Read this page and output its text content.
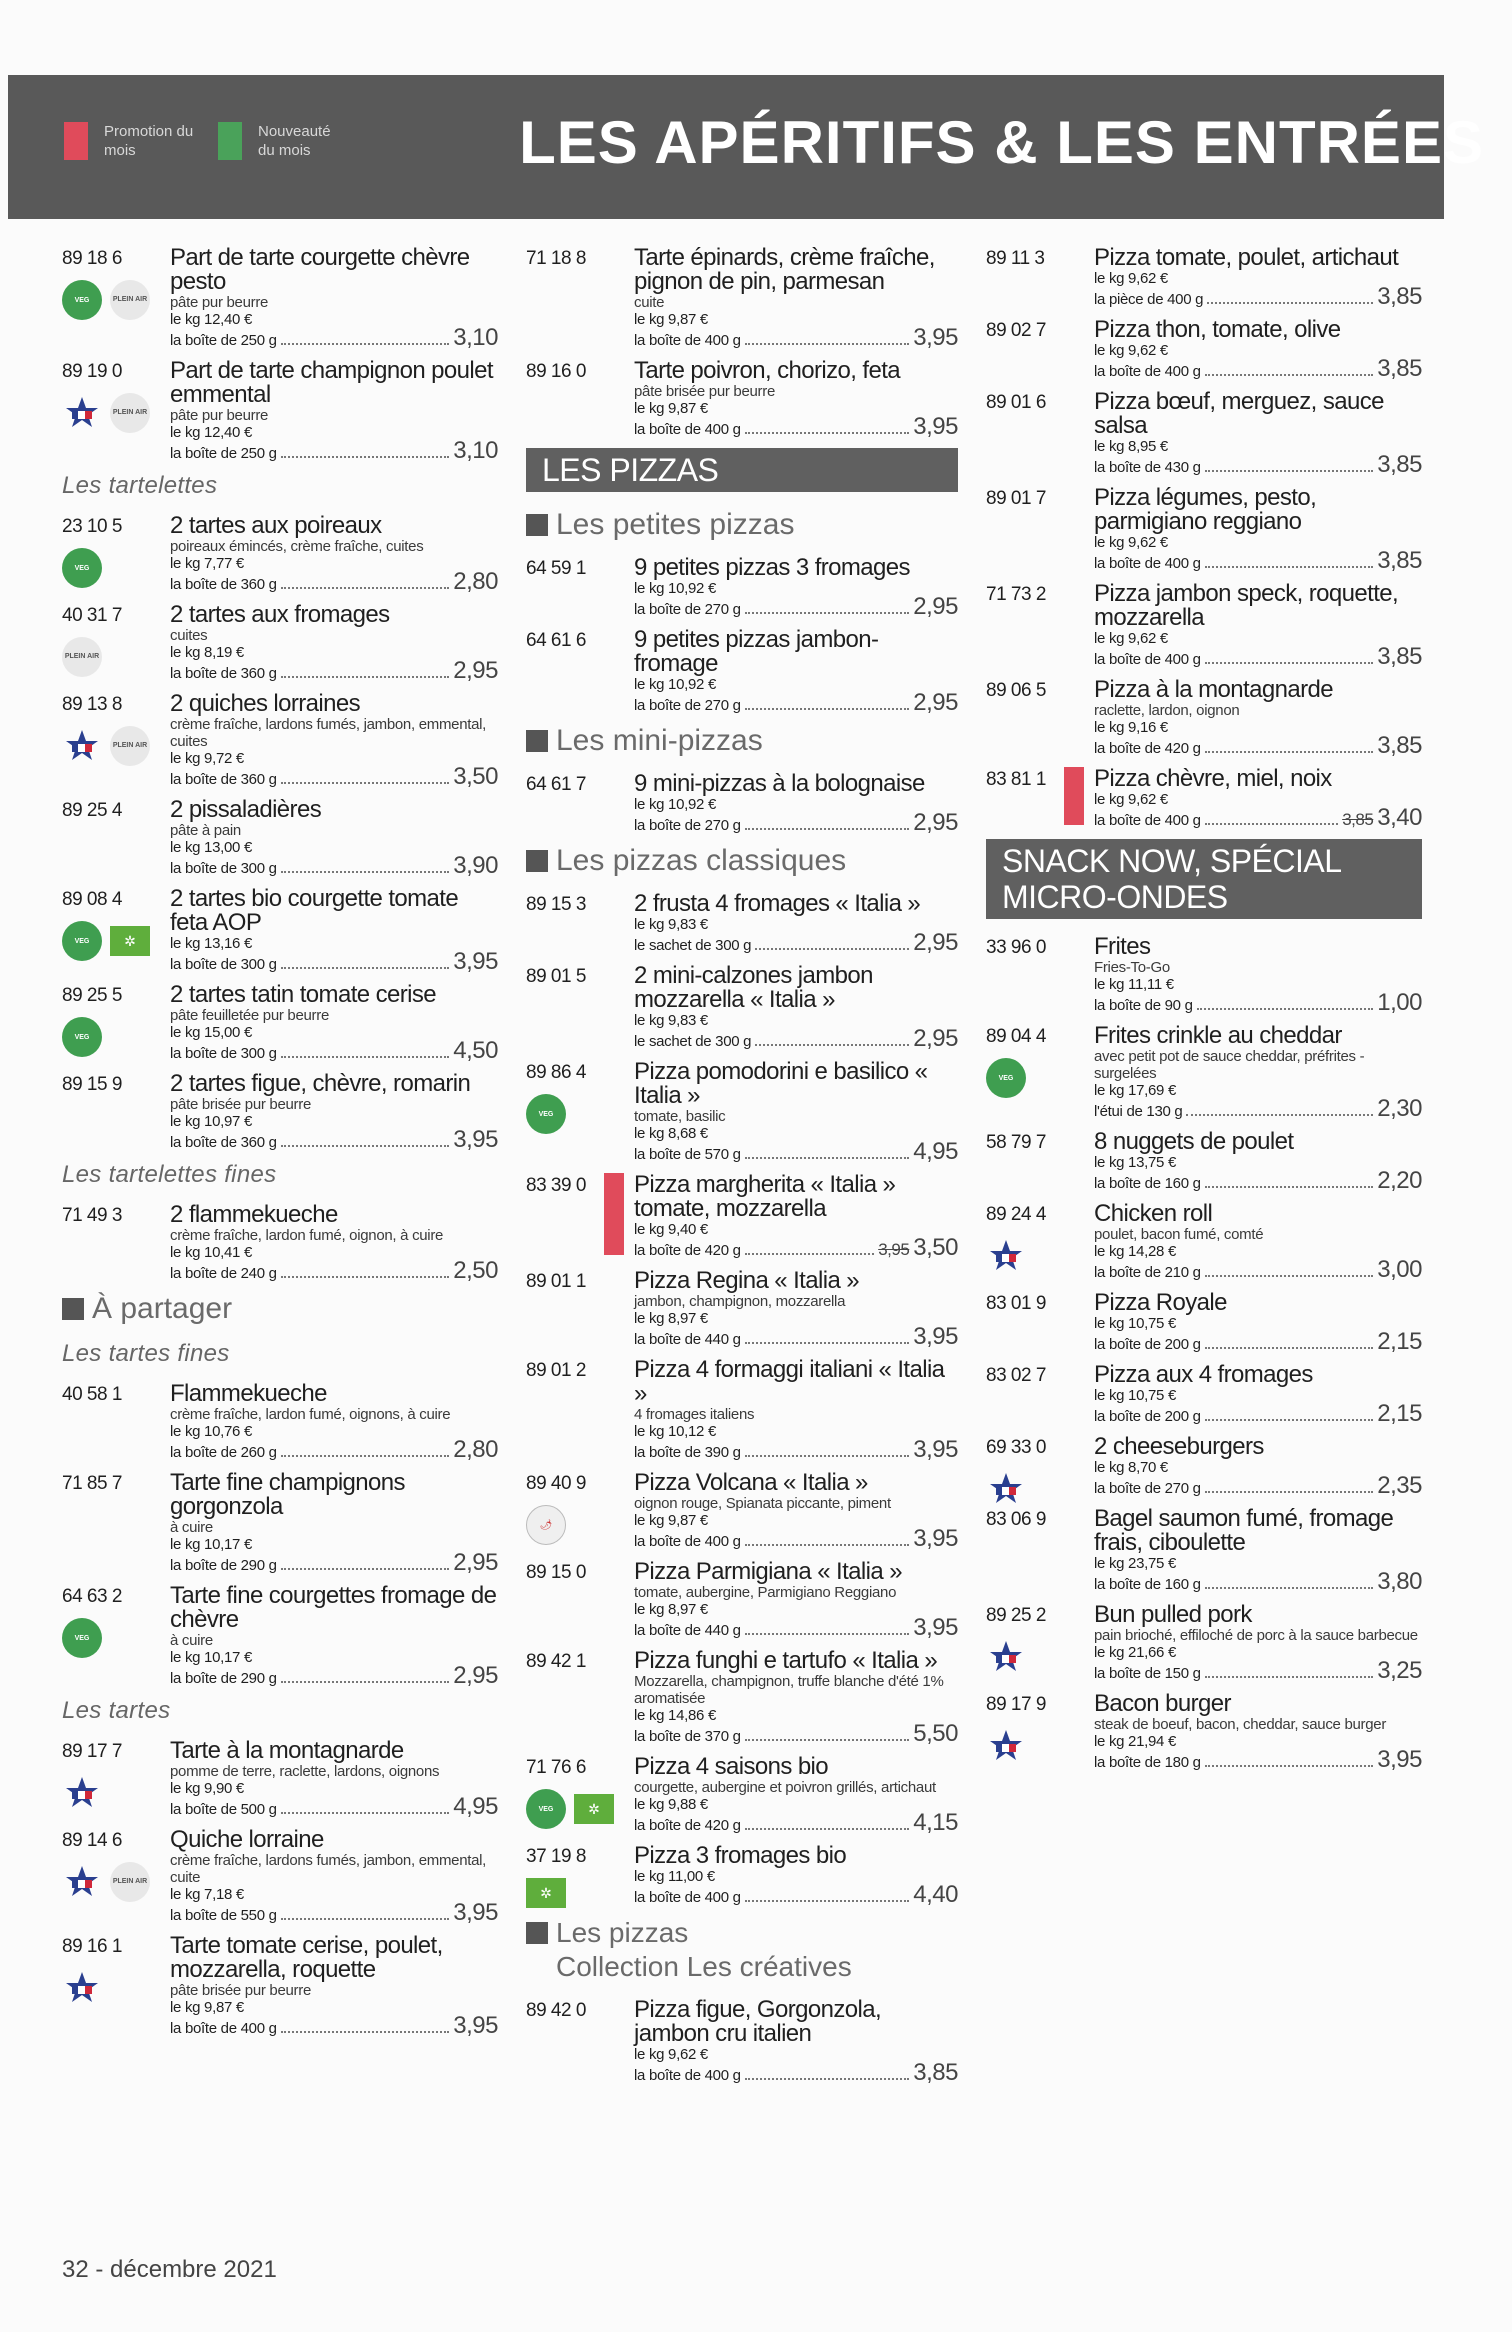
Promotion du mois
Nouveauté du mois	LES APÉRITIFS & LES ENTRÉES
89 18 6 Part de tarte courgette chèvre pesto
pâte pur beurre
le kg 12,40 €
la boîte de 250 g	3,10
VEG	PLEIN AIR
89 19 0 Part de tarte champignon poulet emmental
pâte pur beurre
le kg 12,40 €
la boîte de 250 g	3,10
PLEIN AIR
Les tartelettes
23 10 5 2 tartes aux poireaux
poireaux émincés, crème fraîche, cuites
le kg 7,77 €
la boîte de 360 g	2,80
VEG
40 31 7 2 tartes aux fromages
cuites
le kg 8,19 €
la boîte de 360 g	2,95
PLEIN AIR
89 13 8 2 quiches lorraines
crème fraîche, lardons fumés, jambon, emmental, cuites
le kg 9,72 €
la boîte de 360 g	3,50
PLEIN AIR
89 25 4 2 pissaladières
pâte à pain
le kg 13,00 €
la boîte de 300 g	3,90
89 08 4 2 tartes bio courgette tomate feta AOP
le kg 13,16 €
la boîte de 300 g	3,95
VEG	✲
89 25 5 2 tartes tatin tomate cerise
pâte feuilletée pur beurre
le kg 15,00 €
la boîte de 300 g	4,50
VEG
89 15 9 2 tartes figue, chèvre, romarin
pâte brisée pur beurre
le kg 10,97 €
la boîte de 360 g	3,95
Les tartelettes fines
71 49 3 2 flammekueche
crème fraîche, lardon fumé, oignon, à cuire
le kg 10,41 €
la boîte de 240 g	2,50
À partager
Les tartes fines
40 58 1 Flammekueche
crème fraîche, lardon fumé, oignons, à cuire
le kg 10,76 €
la boîte de 260 g	2,80
71 85 7 Tarte fine champignons gorgonzola
à cuire
le kg 10,17 €
la boîte de 290 g	2,95
64 63 2 Tarte fine courgettes fromage de chèvre
à cuire
le kg 10,17 €
la boîte de 290 g	2,95
VEG
Les tartes
89 17 7 Tarte à la montagnarde
pomme de terre, raclette, lardons, oignons
le kg 9,90 €
la boîte de 500 g	4,95
89 14 6 Quiche lorraine
crème fraîche, lardons fumés, jambon, emmental, cuite
le kg 7,18 €
la boîte de 550 g	3,95
PLEIN AIR
89 16 1 Tarte tomate cerise, poulet, mozzarella, roquette
pâte brisée pur beurre
le kg 9,87 €
la boîte de 400 g	3,95
71 18 8 Tarte épinards, crème fraîche, pignon de pin, parmesan
cuite
le kg 9,87 €
la boîte de 400 g	3,95
89 16 0 Tarte poivron, chorizo, feta
pâte brisée pur beurre
le kg 9,87 €
la boîte de 400 g	3,95
LES PIZZAS
Les petites pizzas
64 59 1 9 petites pizzas 3 fromages
le kg 10,92 €
la boîte de 270 g	2,95
64 61 6 9 petites pizzas jambon-fromage
le kg 10,92 €
la boîte de 270 g	2,95
Les mini-pizzas
64 61 7 9 mini-pizzas à la bolognaise
le kg 10,92 €
la boîte de 270 g	2,95
Les pizzas classiques
89 15 3 2 frusta 4 fromages « Italia »
le kg 9,83 €
le sachet de 300 g	2,95
89 01 5 2 mini-calzones jambon mozzarella « Italia »
le kg 9,83 €
le sachet de 300 g	2,95
89 86 4 Pizza pomodorini e basilico « Italia »
tomate, basilic
le kg 8,68 €
la boîte de 570 g	4,95
VEG
83 39 0 Pizza margherita « Italia » tomate, mozzarella
le kg 9,40 €
la boîte de 420 g	3,95 3,50
89 01 1 Pizza Regina « Italia »
jambon, champignon, mozzarella
le kg 8,97 €
la boîte de 440 g	3,95
89 01 2 Pizza 4 formaggi italiani « Italia »
4 fromages italiens
le kg 10,12 €
la boîte de 390 g	3,95
89 40 9 Pizza Volcana « Italia »
oignon rouge, Spianata piccante, piment
le kg 9,87 €
la boîte de 400 g	3,95
🌶
89 15 0 Pizza Parmigiana « Italia »
tomate, aubergine, Parmigiano Reggiano
le kg 8,97 €
la boîte de 440 g	3,95
89 42 1 Pizza funghi e tartufo « Italia »
Mozzarella, champignon, truffe blanche d'été 1% aromatisée
le kg 14,86 €
la boîte de 370 g	5,50
71 76 6 Pizza 4 saisons bio
courgette, aubergine et poivron grillés, artichaut
le kg 9,88 €
la boîte de 420 g	4,15
VEG	✲
37 19 8 Pizza 3 fromages bio
le kg 11,00 €
la boîte de 400 g	4,40
✲
Les pizzas
Collection Les créatives
89 42 0 Pizza figue, Gorgonzola, jambon cru italien
le kg 9,62 €
la boîte de 400 g	3,85
89 11 3 Pizza tomate, poulet, artichaut
le kg 9,62 €
la pièce de 400 g	3,85
89 02 7 Pizza thon, tomate, olive
le kg 9,62 €
la boîte de 400 g	3,85
89 01 6 Pizza bœuf, merguez, sauce salsa
le kg 8,95 €
la boîte de 430 g	3,85
89 01 7 Pizza légumes, pesto, parmigiano reggiano
le kg 9,62 €
la boîte de 400 g	3,85
71 73 2 Pizza jambon speck, roquette, mozzarella
le kg 9,62 €
la boîte de 400 g	3,85
89 06 5 Pizza à la montagnarde
raclette, lardon, oignon
le kg 9,16 €
la boîte de 420 g	3,85
83 81 1 Pizza chèvre, miel, noix
le kg 9,62 €
la boîte de 400 g	3,85 3,40
SNACK NOW, SPÉCIAL MICRO-ONDES
33 96 0 Frites
Fries-To-Go
le kg 11,11 €
la boîte de 90 g	1,00
89 04 4 Frites crinkle au cheddar
avec petit pot de sauce cheddar, préfrites - surgelées
le kg 17,69 €
l'étui de 130 g	2,30
VEG
58 79 7 8 nuggets de poulet
le kg 13,75 €
la boîte de 160 g	2,20
89 24 4 Chicken roll
poulet, bacon fumé, comté
le kg 14,28 €
la boîte de 210 g	3,00
83 01 9 Pizza Royale
le kg 10,75 €
la boîte de 200 g	2,15
83 02 7 Pizza aux 4 fromages
le kg 10,75 €
la boîte de 200 g	2,15
69 33 0 2 cheeseburgers
le kg 8,70 €
la boîte de 270 g	2,35
83 06 9 Bagel saumon fumé, fromage frais, ciboulette
le kg 23,75 €
la boîte de 160 g	3,80
89 25 2 Bun pulled pork
pain brioché, effiloché de porc à la sauce barbecue
le kg 21,66 €
la boîte de 150 g	3,25
89 17 9 Bacon burger
steak de boeuf, bacon, cheddar, sauce burger
le kg 21,94 €
la boîte de 180 g	3,95
32 - décembre 2021
